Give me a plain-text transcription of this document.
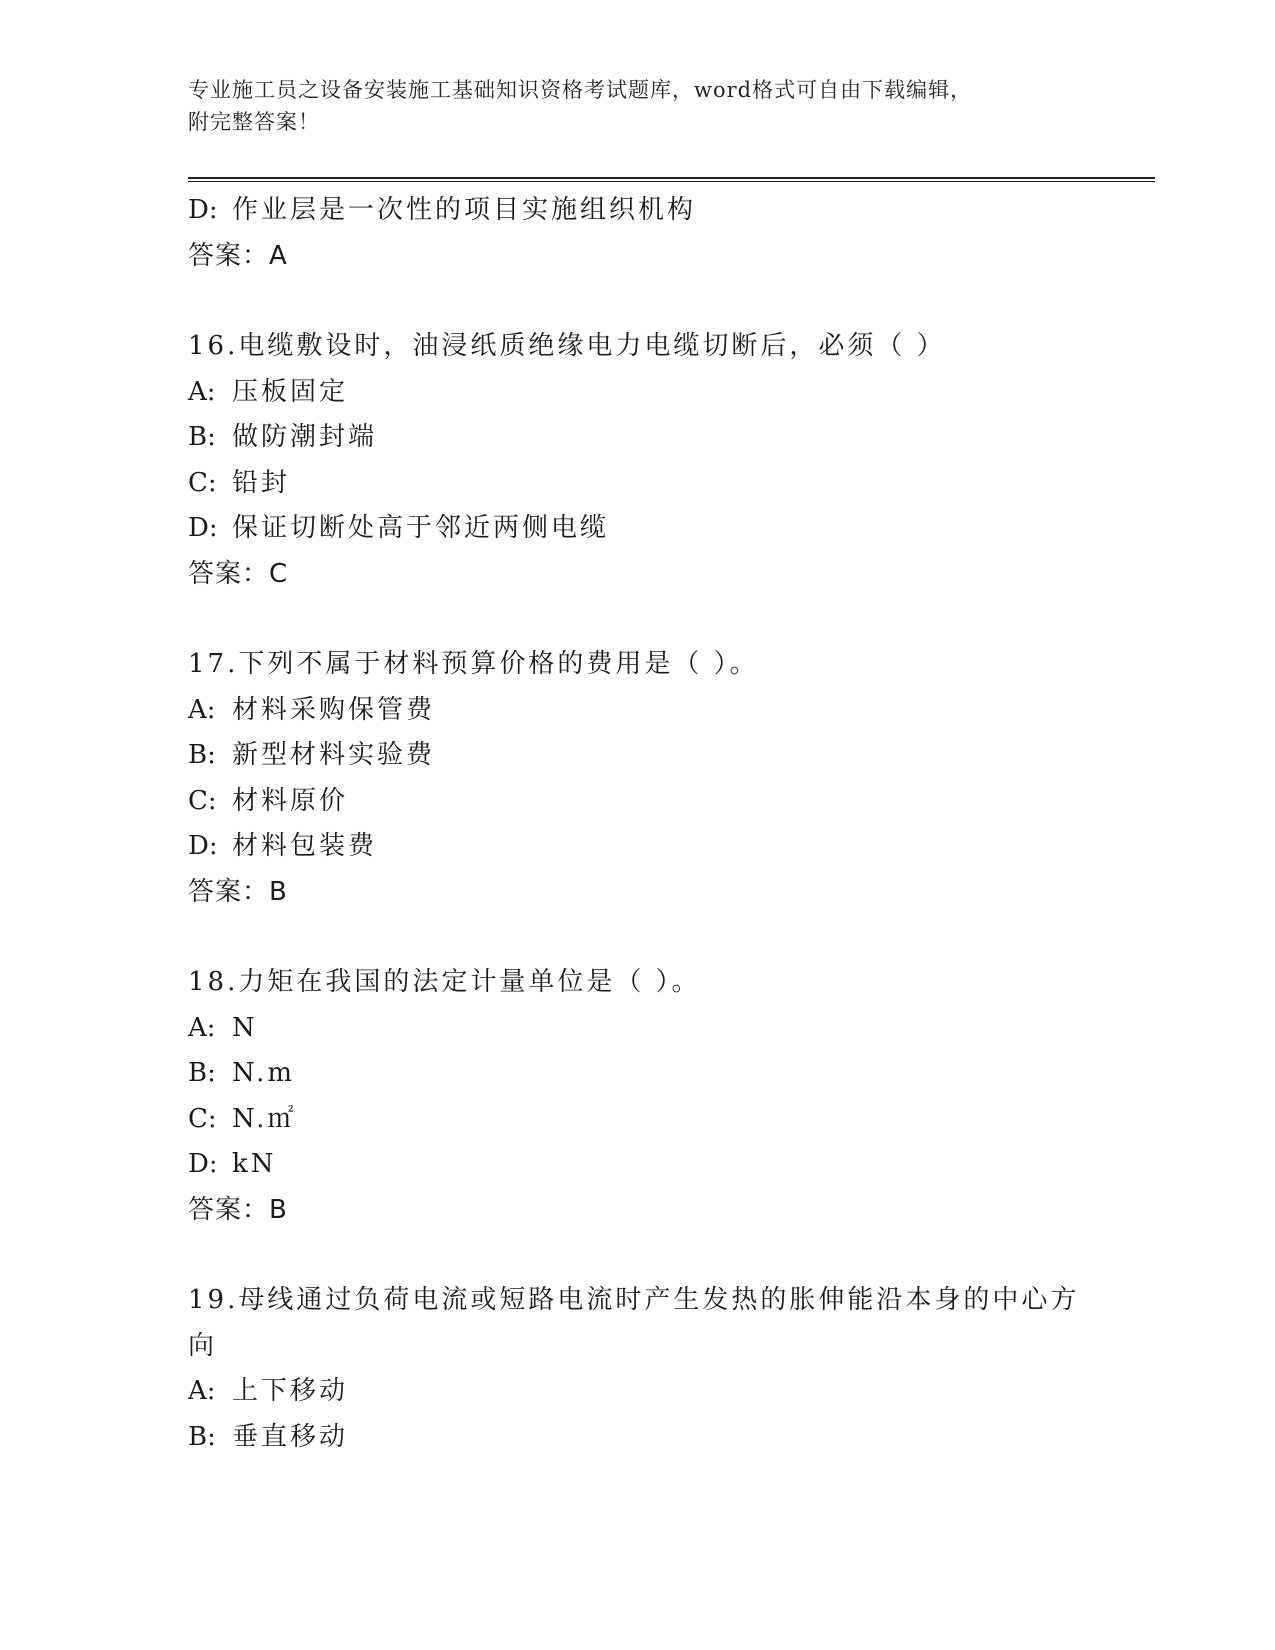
专业施工员之设备安装施工基础知识资格考试题库，word格式可自由下载编辑，
附完整答案！
D: 作业层是一次性的项目实施组织机构
答案：A
16.电缆敷设时，油浸纸质绝缘电力电缆切断后，必须（ ）
A: 压板固定
B: 做防潮封端
C: 铅封
D: 保证切断处高于邻近两侧电缆
答案：C
17.下列不属于材料预算价格的费用是（ ）。
A: 材料采购保管费
B: 新型材料实验费
C: 材料原价
D: 材料包装费
答案：B
18.力矩在我国的法定计量单位是（ ）。
A: N
B: N.m
C: N.㎡
D: kN
答案：B
19.母线通过负荷电流或短路电流时产生发热的胀伸能沿本身的中心方
向
A: 上下移动
B: 垂直移动
